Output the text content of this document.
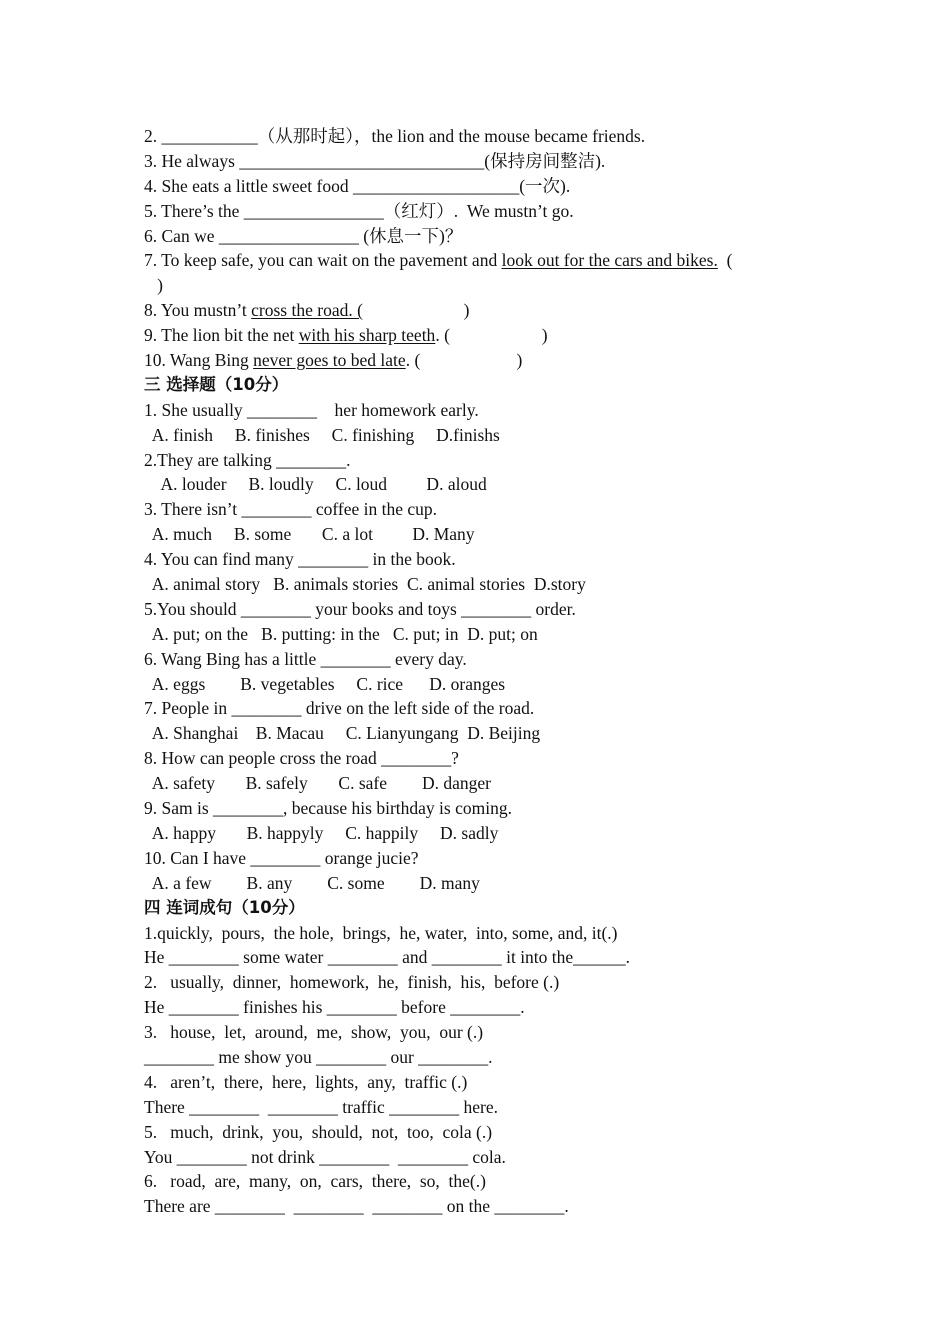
2. ___________（从那时起），the lion and the mouse became friends.
3. He always ____________________________(保持房间整洁).
4. She eats a little sweet food ___________________(一次).
5. There’s the ________________（红灯）.  We mustn’t go.
6. Can we ________________ (休息一下)？
7. To keep safe, you can wait on the pavement and look out for the cars and bikes.  (
)
8. You mustn’t cross the road. (                       )
9. The lion bit the net with his sharp teeth. (                     )
10. Wang Bing never goes to bed late. (                      )
三 选择题（10分）
1. She usually ________    her homework early.
A. finish     B. finishes     C. finishing     D.finishs
2.They are talking ________.
A. louder     B. loudly     C. loud         D. aloud
3. There isn’t ________ coffee in the cup.
A. much     B. some       C. a lot         D. Many
4. You can find many ________ in the book.
A. animal story   B. animals stories  C. animal stories  D.story
5.You should ________ your books and toys ________ order.
A. put; on the   B. putting: in the   C. put; in  D. put; on
6. Wang Bing has a little ________ every day.
A. eggs        B. vegetables     C. rice      D. oranges
7. People in ________ drive on the left side of the road.
A. Shanghai    B. Macau     C. Lianyungang  D. Beijing
8. How can people cross the road ________?
A. safety       B. safely       C. safe        D. danger
9. Sam is ________, because his birthday is coming.
A. happy       B. happyly     C. happily     D. sadly
10. Can I have ________ orange jucie?
A. a few        B. any        C. some        D. many
四 连词成句（10分）
1.quickly,  pours,  the hole,  brings,  he, water,  into, some, and, it(.)
He ________ some water ________ and ________ it into the______.
2.   usually,  dinner,  homework,  he,  finish,  his,  before (.)
He ________ finishes his ________ before ________.
3.   house,  let,  around,  me,  show,  you,  our (.)
________ me show you ________ our ________.
4.   aren’t,  there,  here,  lights,  any,  traffic (.)
There ________  ________ traffic ________ here.
5.   much,  drink,  you,  should,  not,  too,  cola (.)
You ________ not drink ________  ________ cola.
6.   road,  are,  many,  on,  cars,  there,  so,  the(.)
There are ________  ________  ________ on the ________.
